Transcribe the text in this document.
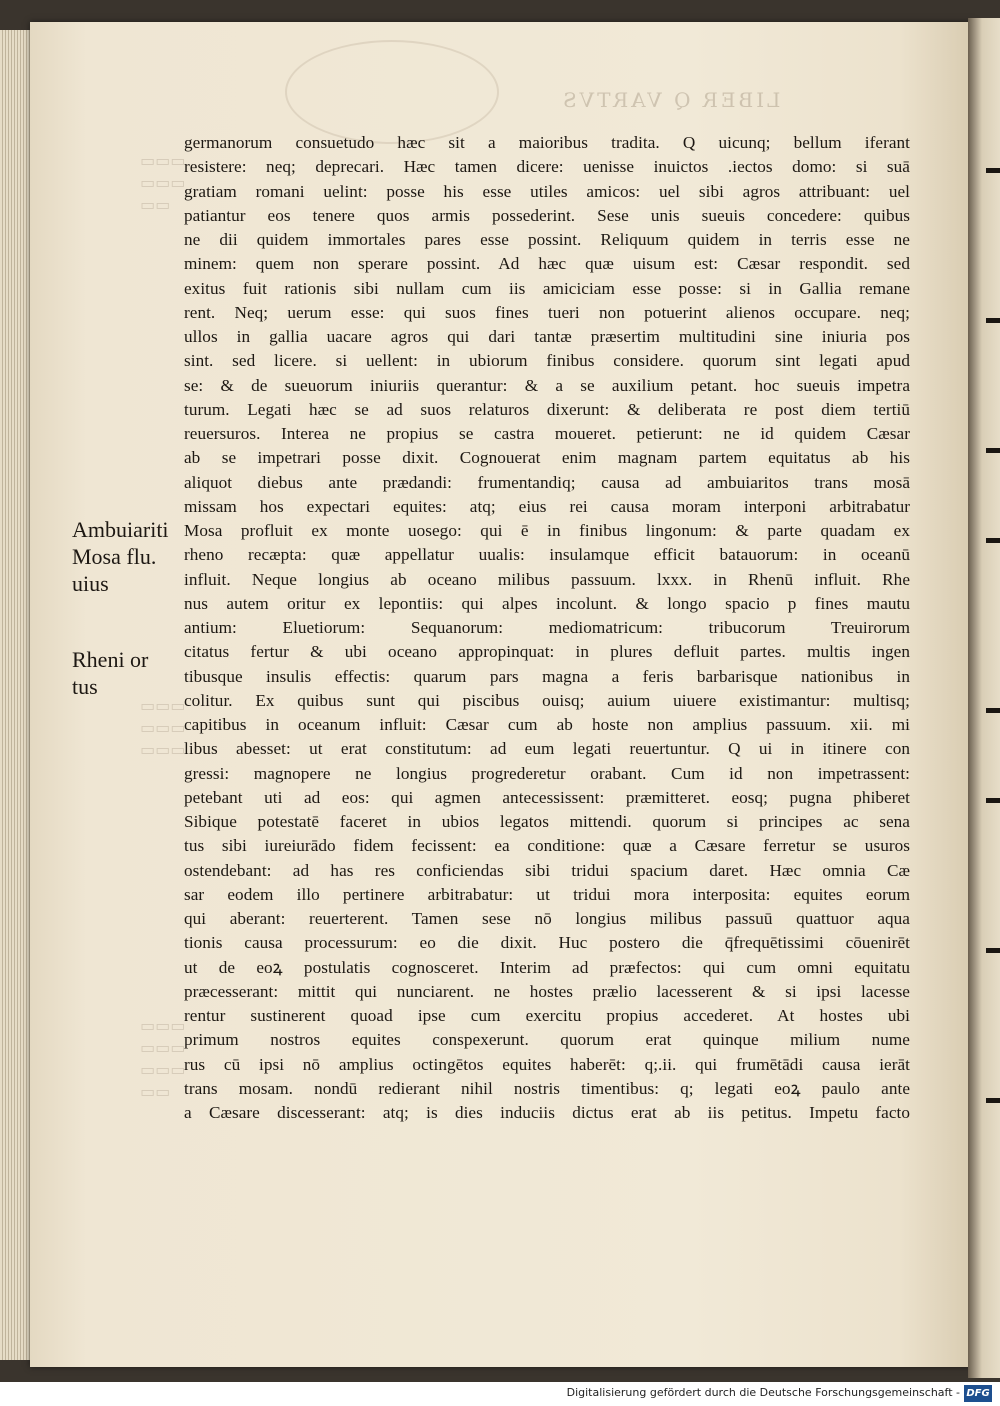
LIBER Q VARTVS
▭▭▭
▭▭▭
▭▭
▭▭▭
▭▭▭
▭▭▭
▭▭▭
▭▭▭
▭▭▭
▭▭
germanorum consuetudo hæc sit a maioribus tradita. Q uicunq; bellum iferant
resistere: neq; deprecari. Hæc tamen dicere: uenisse inuictos .iectos domo: si suā
gratiam romani uelint: posse his esse utiles amicos: uel sibi agros attribuant: uel
patiantur eos tenere quos armis possederint. Sese unis sueuis concedere: quibus
ne dii quidem immortales pares esse possint. Reliquum quidem in terris esse ne
minem: quem non sperare possint. Ad hæc quæ uisum est: Cæsar respondit. sed
exitus fuit rationis sibi nullam cum iis amiciciam esse posse: si in Gallia remane
rent. Neq; uerum esse: qui suos fines tueri non potuerint alienos occupare. neq;
ullos in gallia uacare agros qui dari tantæ præsertim multitudini sine iniuria pos
sint. sed licere. si uellent: in ubiorum finibus considere. quorum sint legati apud
se: & de sueuorum iniuriis querantur: & a se auxilium petant. hoc sueuis impetra
turum. Legati hæc se ad suos relaturos dixerunt: & deliberata re post diem tertiū
reuersuros. Interea ne propius se castra moueret. petierunt: ne id quidem Cæsar
ab se impetrari posse dixit. Cognouerat enim magnam partem equitatus ab his
aliquot diebus ante prædandi: frumentandiq; causa ad ambuiaritos trans mosā
missam hos expectari equites: atq; eius rei causa moram interponi arbitrabatur
Mosa profluit ex monte uosego: qui ē in finibus lingonum: & parte quadam ex
rheno recæpta: quæ appellatur uualis: insulamque efficit batauorum: in oceanū
influit. Neque longius ab oceano milibus passuum. lxxx. in Rhenū influit. Rhe
nus autem oritur ex lepontiis: qui alpes incolunt. & longo spacio p fines mautu
antium: Eluetiorum: Sequanorum: mediomatricum: tribucorum Treuirorum
citatus fertur & ubi oceano appropinquat: in plures defluit partes. multis ingen
tibusque insulis effectis: quarum pars magna a feris barbarisque nationibus in
colitur. Ex quibus sunt qui piscibus ouisq; auium uiuere existimantur: multisq;
capitibus in oceanum influit: Cæsar cum ab hoste non amplius passuum. xii. mi
libus abesset: ut erat constitutum: ad eum legati reuertuntur. Q ui in itinere con
gressi: magnopere ne longius progrederetur orabant. Cum id non impetrassent:
petebant uti ad eos: qui agmen antecessissent: præmitteret. eosq; pugna phiberet
Sibique potestatē faceret in ubios legatos mittendi. quorum si principes ac sena
tus sibi iureiurādo fidem fecissent: ea conditione: quæ a Cæsare ferretur se usuros
ostendebant: ad has res conficiendas sibi tridui spacium daret. Hæc omnia Cæ
sar eodem illo pertinere arbitrabatur: ut tridui mora interposita: equites eorum
qui aberant: reuerterent. Tamen sese nō longius milibus passuū quattuor aqua
tionis causa processurum: eo die dixit. Huc postero die q̄frequētissimi cōuenirēt
ut de eoꝝ postulatis cognosceret. Interim ad præfectos: qui cum omni equitatu
præcesserant: mittit qui nunciarent. ne hostes prælio lacesserent & si ipsi lacesse
rentur sustinerent quoad ipse cum exercitu propius accederet. At hostes ubi
primum nostros equites conspexerunt. quorum erat quinque milium nume
rus cū ipsi nō amplius octingētos equites haberēt: q;.ii. qui frumētādi causa ierāt
trans mosam. nondū redierant nihil nostris timentibus: q; legati eoꝝ paulo ante
a Cæsare discesserant: atq; is dies induciis dictus erat ab iis petitus. Impetu facto
Ambuiariti
Mosa flu.
uius
Rheni or
tus
Digitalisierung gefördert durch die Deutsche Forschungsgemeinschaft - DFG
